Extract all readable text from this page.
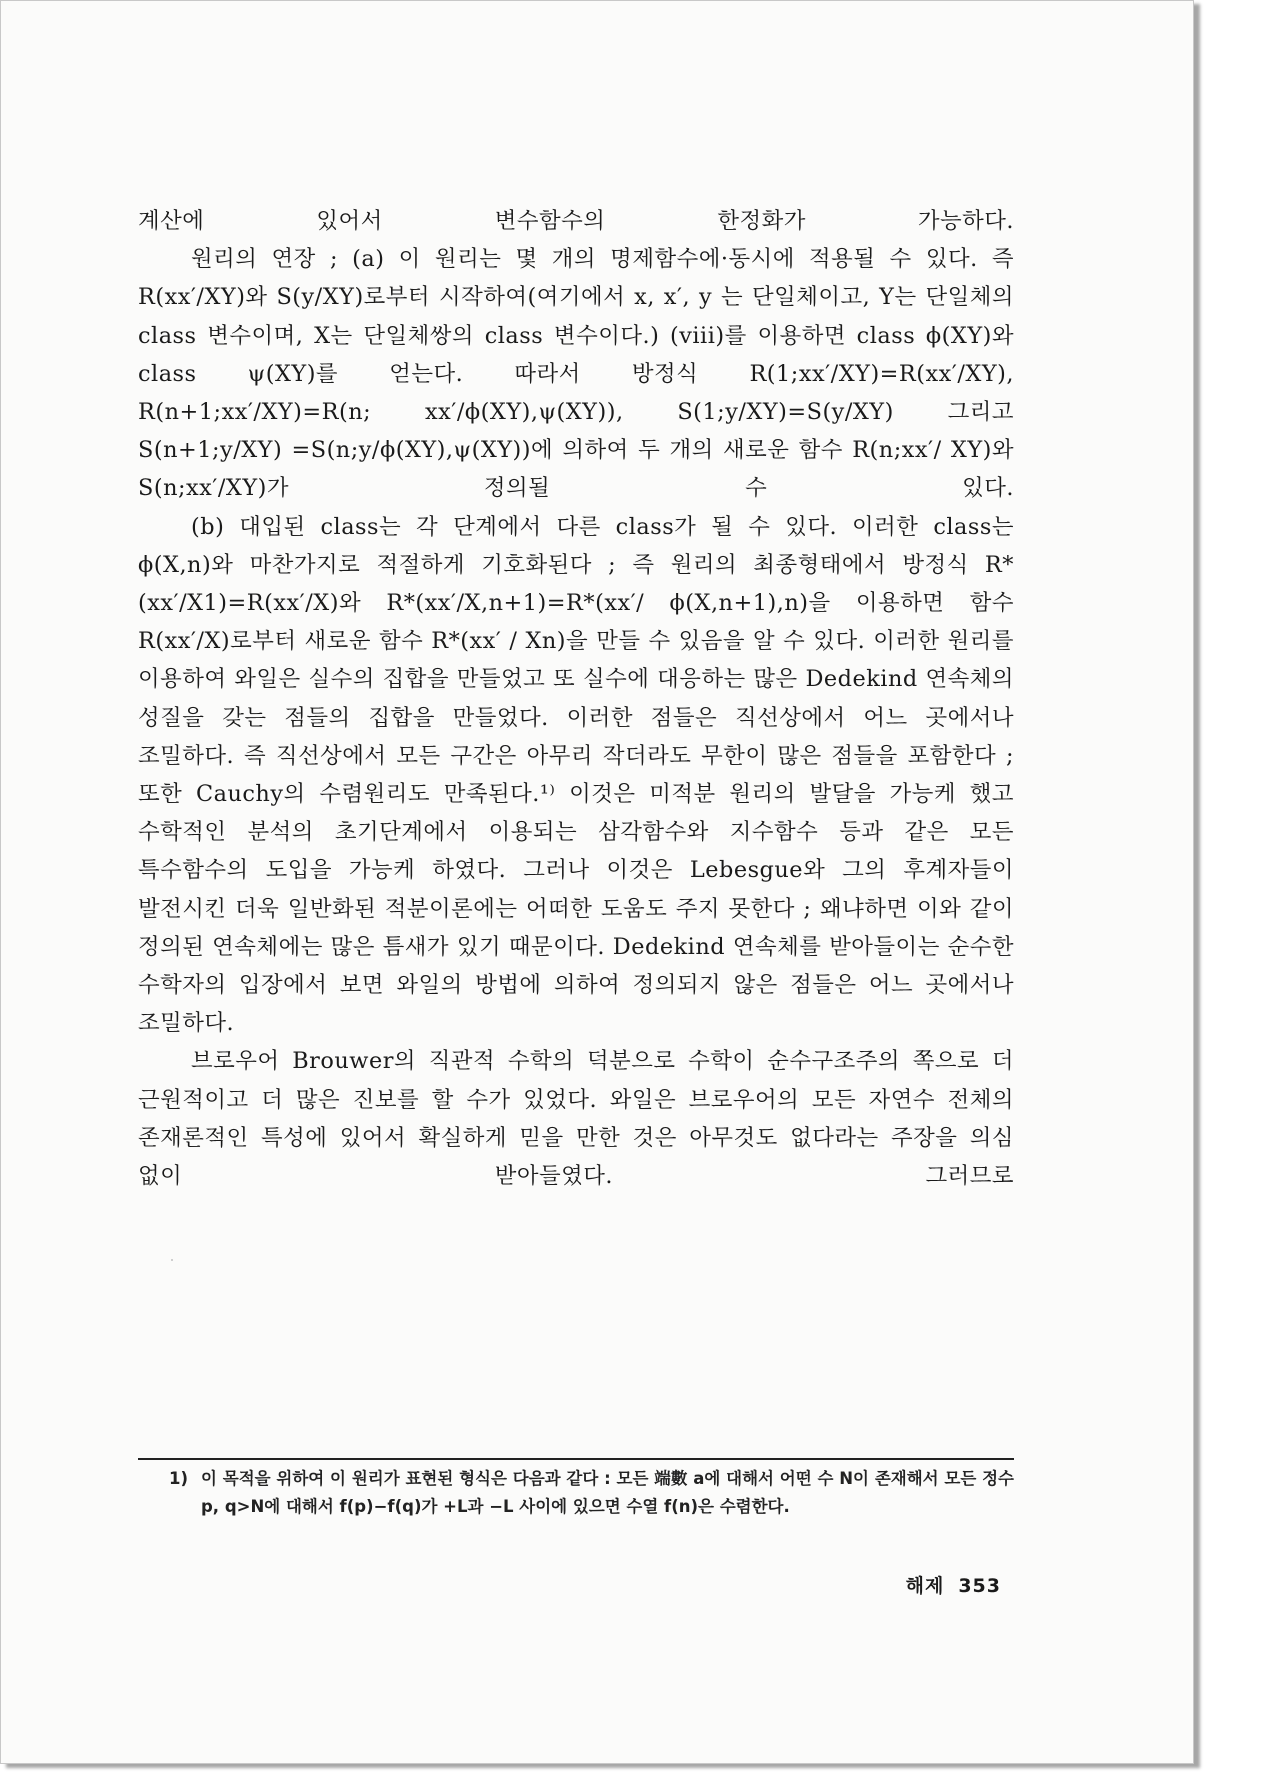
계산에 있어서 변수함수의 한정화가 가능하다.

원리의 연장 ; (a) 이 원리는 몇 개의 명제함수에·동시에 적용될 수 있다. 즉 R(xx′/XY)와 S(y/XY)로부터 시작하여(여기에서 x, x′, y 는 단일체이고, Y는 단일체의 class 변수이며, X는 단일체쌍의 class 변수이다.) (viii)를 이용하면 class ϕ(XY)와 class ψ(XY)를 얻는다. 따라서 방정식 R(1;xx′/XY)=R(xx′/XY), R(n+1;xx′/XY)=R(n; xx′/ϕ(XY),ψ(XY)), S(1;y/XY)=S(y/XY) 그리고 S(n+1;y/XY) =S(n;y/ϕ(XY),ψ(XY))에 의하여 두 개의 새로운 함수 R(n;xx′/ XY)와 S(n;xx′/XY)가 정의될 수 있다.

(b) 대입된 class는 각 단계에서 다른 class가 될 수 있다. 이러한 class는 ϕ(X,n)와 마찬가지로 적절하게 기호화된다 ; 즉 원리의 최종형태에서 방정식 R*(xx′/X1)=R(xx′/X)와 R*(xx′/X,n+1)=R*(xx′/ ϕ(X,n+1),n)을 이용하면 함수 R(xx′/X)로부터 새로운 함수 R*(xx′ / Xn)을 만들 수 있음을 알 수 있다. 이러한 원리를 이용하여 와일은 실수의 집합을 만들었고 또 실수에 대응하는 많은 Dedekind 연속체의 성질을 갖는 점들의 집합을 만들었다. 이러한 점들은 직선상에서 어느 곳에서나 조밀하다. 즉 직선상에서 모든 구간은 아무리 작더라도 무한이 많은 점들을 포함한다 ; 또한 Cauchy의 수렴원리도 만족된다.¹⁾ 이것은 미적분 원리의 발달을 가능케 했고 수학적인 분석의 초기단계에서 이용되는 삼각함수와 지수함수 등과 같은 모든 특수함수의 도입을 가능케 하였다. 그러나 이것은 Lebesgue와 그의 후계자들이 발전시킨 더욱 일반화된 적분이론에는 어떠한 도움도 주지 못한다 ; 왜냐하면 이와 같이 정의된 연속체에는 많은 틈새가 있기 때문이다. Dedekind 연속체를 받아들이는 순수한 수학자의 입장에서 보면 와일의 방법에 의하여 정의되지 않은 점들은 어느 곳에서나 조밀하다.

브로우어 Brouwer의 직관적 수학의 덕분으로 수학이 순수구조주의 쪽으로 더 근원적이고 더 많은 진보를 할 수가 있었다. 와일은 브로우어의 모든 자연수 전체의 존재론적인 특성에 있어서 확실하게 믿을 만한 것은 아무것도 없다라는 주장을 의심 없이 받아들였다. 그러므로

1) 이 목적을 위하여 이 원리가 표현된 형식은 다음과 같다 : 모든 端數 a에 대해서 어떤 수 N이 존재해서 모든 정수 p, q>N에 대해서 f(p)−f(q)가 +L과 −L 사이에 있으면 수열 f(n)은 수렴한다.
해제 353
